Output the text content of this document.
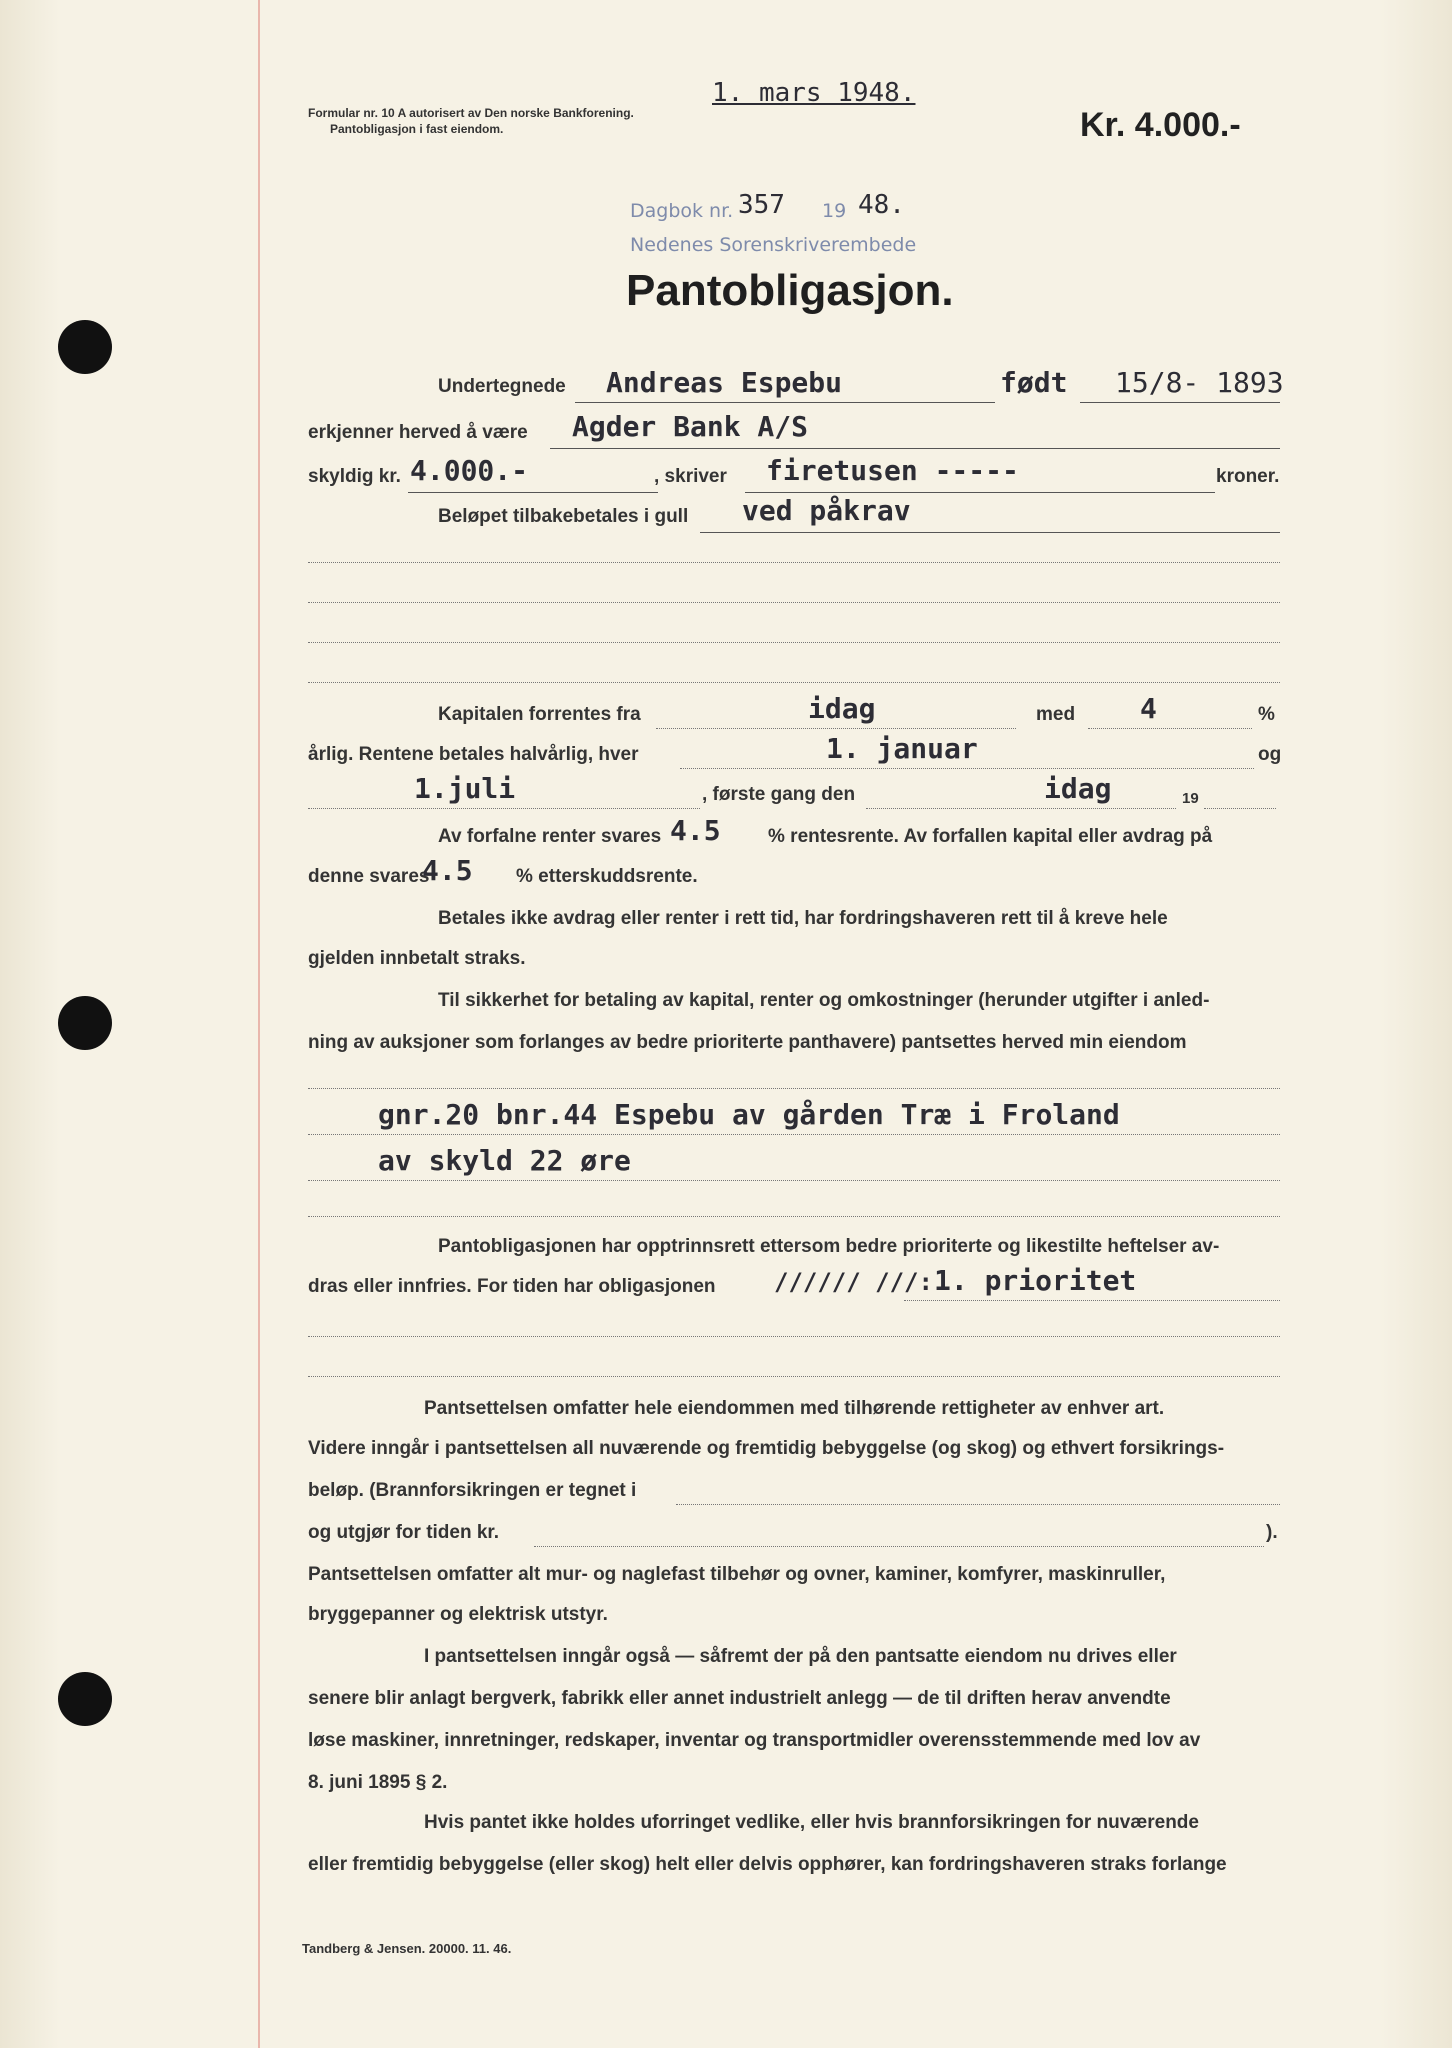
Formular nr. 10 A autorisert av Den norske Bankforening.
Pantobligasjon i fast eiendom.
1. mars 1948.
Kr. 4.000.-
Dagbok nr. 357 19 48.
Nedenes Sorenskriverembede
Pantobligasjon.
Undertegnede Andreas Espebu	født 15/8- 1893
erkjenner herved å være Agder Bank A/S
skyldig kr. 4.000.-	, skriver firetusen -----	kroner.
Beløpet tilbakebetales i gull ved påkrav
Kapitalen forrentes fra	idag	med 4	%
årlig. Rentene betales halvårlig, hver	1. januar	og
1.juli	, første gang den	idag	19
Av forfalne renter svares 4.5 % rentesrente. Av forfallen kapital eller avdrag på
denne svares
4.5 % etterskuddsrente.
Betales ikke avdrag eller renter i rett tid, har fordringshaveren rett til å kreve hele
gjelden innbetalt straks.
Til sikkerhet for betaling av kapital, renter og omkostninger (herunder utgifter i anled-
ning av auksjoner som forlanges av bedre prioriterte panthavere) pantsettes herved min eiendom
gnr.20 bnr.44 Espebu av gården Træ i Froland
av skyld 22 øre
Pantobligasjonen har opptrinnsrett ettersom bedre prioriterte og likestilte heftelser av-
dras eller innfries. For tiden har obligasjonen ////// ///: 1. prioritet
Pantsettelsen omfatter hele eiendommen med tilhørende rettigheter av enhver art.
Videre inngår i pantsettelsen all nuværende og fremtidig bebyggelse (og skog) og ethvert forsikrings-
beløp. (Brannforsikringen er tegnet i
og utgjør for tiden kr.	).
Pantsettelsen omfatter alt mur- og naglefast tilbehør og ovner, kaminer, komfyrer, maskinruller,
bryggepanner og elektrisk utstyr.
I pantsettelsen inngår også — såfremt der på den pantsatte eiendom nu drives eller
senere blir anlagt bergverk, fabrikk eller annet industrielt anlegg — de til driften herav anvendte
løse maskiner, innretninger, redskaper, inventar og transportmidler overensstemmende med lov av
8. juni 1895 § 2.
Hvis pantet ikke holdes uforringet vedlike, eller hvis brannforsikringen for nuværende
eller fremtidig bebyggelse (eller skog) helt eller delvis opphører, kan fordringshaveren straks forlange
Tandberg & Jensen. 20000. 11. 46.
